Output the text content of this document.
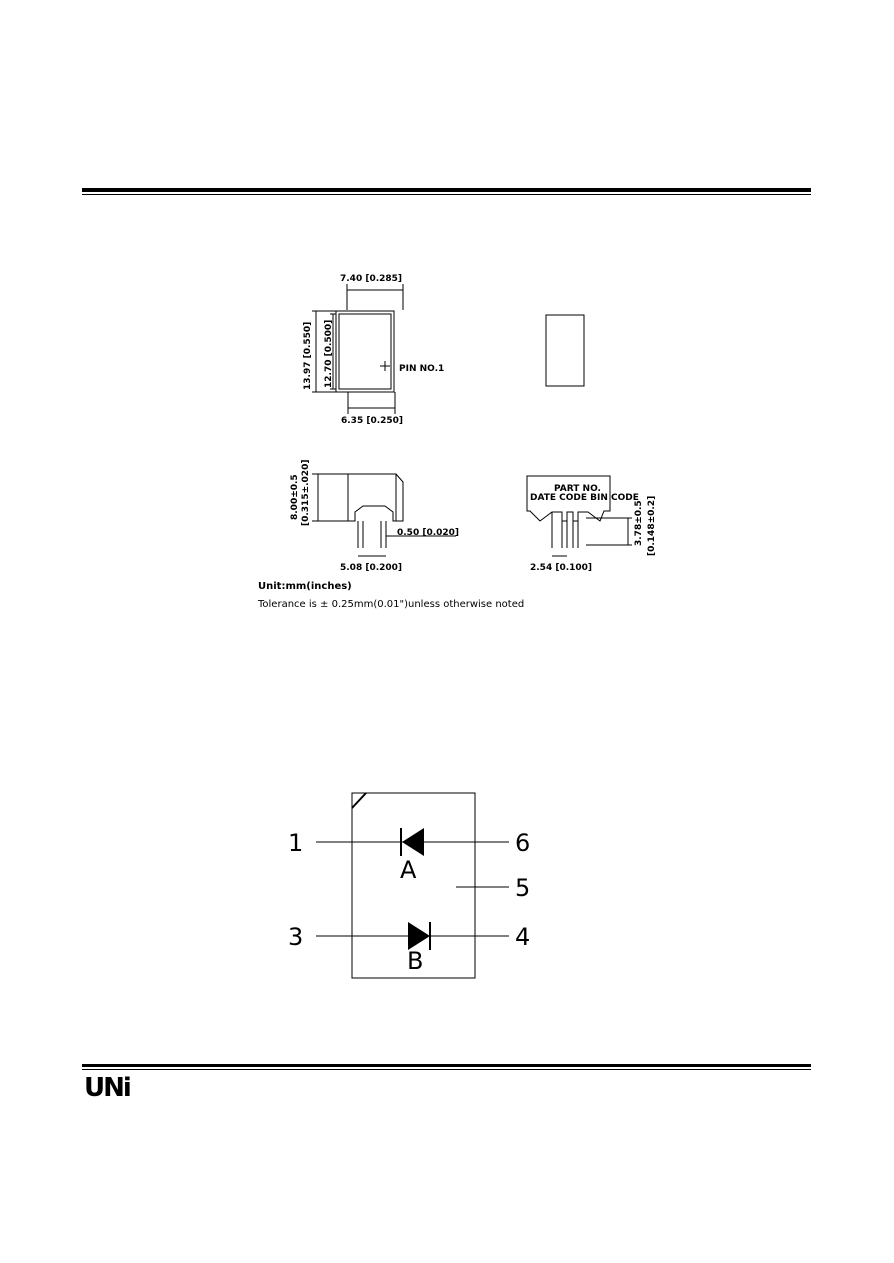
7.40 [0.285]
13.97 [0.550] 12.70 [0.500]
6.35 [0.250]
PIN NO.1
8.00±0.5 [0.315±.020]
0.50 [0.020]
5.08 [0.200]
PART NO.
DATE CODE BIN CODE
3.78±0.5 [0.148±0.2]
2.54 [0.100]
Unit:mm(inches)
Tolerance is ± 0.25mm(0.01")unless otherwise noted
1	6
5
3	4
A
B
UNi
